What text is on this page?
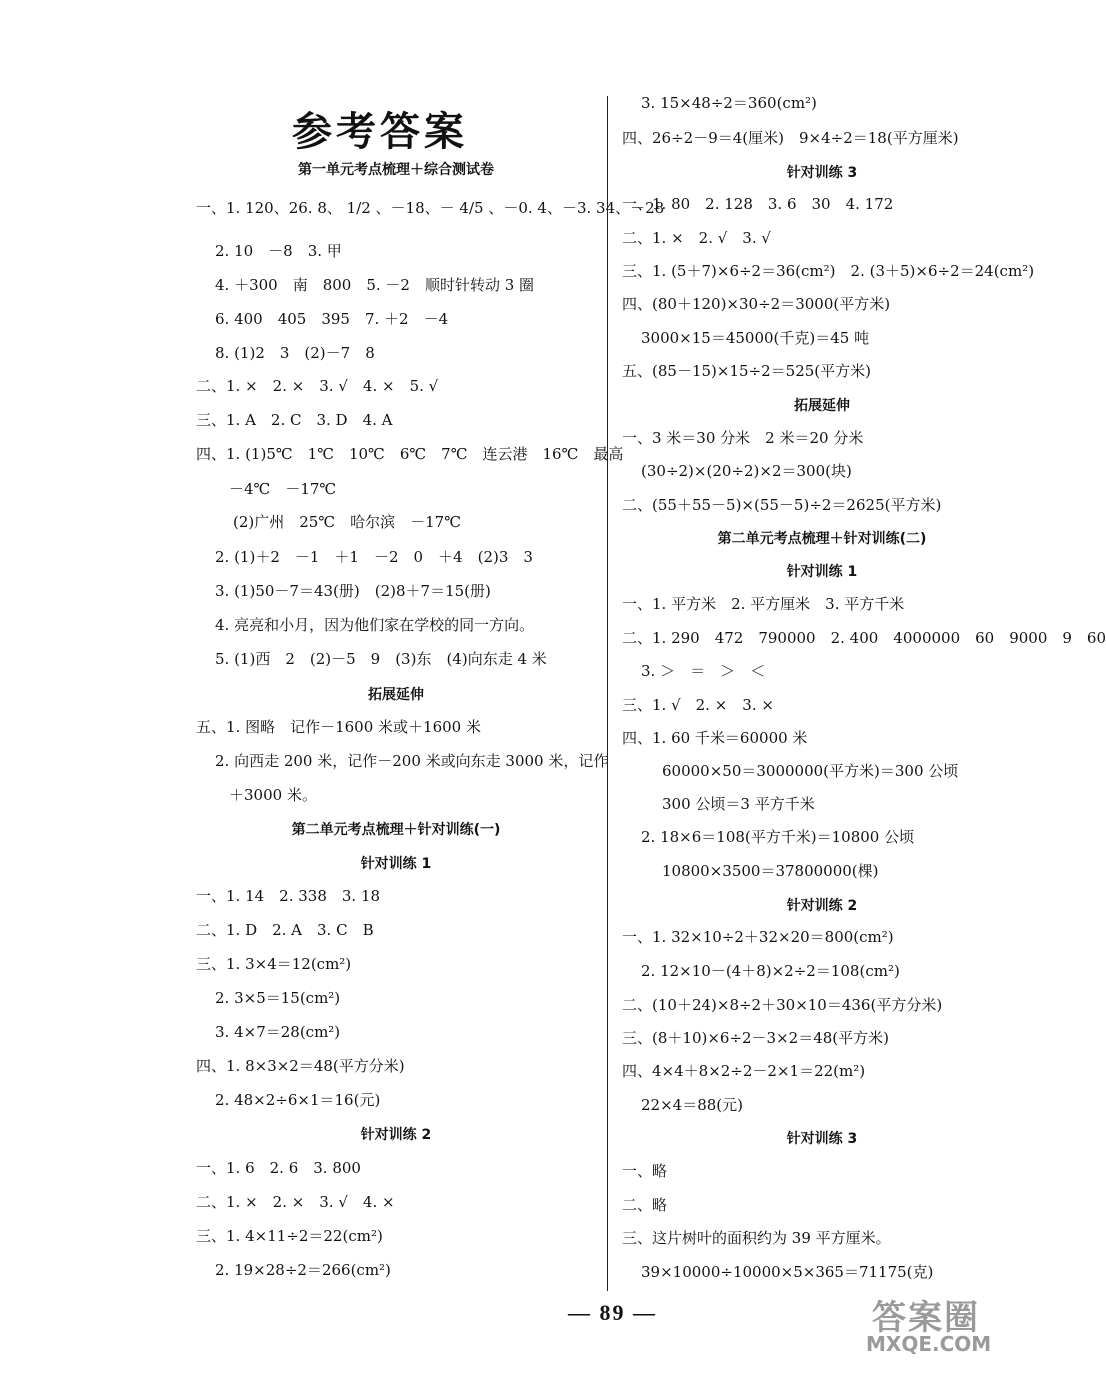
参考答案
第一单元考点梳理＋综合测试卷
一、1. 120、26. 8、 1/2 、－18、－ 4/5 、－0. 4、－3. 34、－28
2. 10　－8　3. 甲
4. ＋300　南　800　5. －2　顺时针转动 3 圈
6. 400　405　395　7. ＋2　－4
8. (1)2　3　(2)－7　8
二、1. ×　2. ×　3. √　4. ×　5. √
三、1. A　2. C　3. D　4. A
四、1. (1)5℃　1℃　10℃　6℃　7℃　连云港　16℃　最高
－4℃　－17℃
(2)广州　25℃　哈尔滨　－17℃
2. (1)＋2　－1　＋1　－2　0　＋4　(2)3　3
3. (1)50－7＝43(册)　(2)8＋7＝15(册)
4. 亮亮和小月，因为他们家在学校的同一方向。
5. (1)西　2　(2)－5　9　(3)东　(4)向东走 4 米
拓展延伸
五、1. 图略　记作－1600 米或＋1600 米
2. 向西走 200 米，记作－200 米或向东走 3000 米，记作
＋3000 米。
第二单元考点梳理＋针对训练(一)
针对训练 1
一、1. 14　2. 338　3. 18
二、1. D　2. A　3. C　B
三、1. 3×4＝12(cm²)
2. 3×5＝15(cm²)
3. 4×7＝28(cm²)
四、1. 8×3×2＝48(平方分米)
2. 48×2÷6×1＝16(元)
针对训练 2
一、1. 6　2. 6　3. 800
二、1. ×　2. ×　3. √　4. ×
三、1. 4×11÷2＝22(cm²)
2. 19×28÷2＝266(cm²)
3. 15×48÷2＝360(cm²)
四、26÷2－9＝4(厘米)　9×4÷2＝18(平方厘米)
针对训练 3
一、1. 80　2. 128　3. 6　30　4. 172
二、1. ×　2. √　3. √
三、1. (5＋7)×6÷2＝36(cm²)　2. (3＋5)×6÷2＝24(cm²)
四、(80＋120)×30÷2＝3000(平方米)
3000×15＝45000(千克)＝45 吨
五、(85－15)×15÷2＝525(平方米)
拓展延伸
一、3 米＝30 分米　2 米＝20 分米
(30÷2)×(20÷2)×2＝300(块)
二、(55＋55－5)×(55－5)÷2＝2625(平方米)
第二单元考点梳理＋针对训练(二)
针对训练 1
一、1. 平方米　2. 平方厘米　3. 平方千米
二、1. 290　472　790000　2. 400　4000000　60　9000　9　60
3. ＞　＝　＞　＜
三、1. √　2. ×　3. ×
四、1. 60 千米＝60000 米
60000×50＝3000000(平方米)＝300 公顷
300 公顷＝3 平方千米
2. 18×6＝108(平方千米)＝10800 公顷
10800×3500＝37800000(棵)
针对训练 2
一、1. 32×10÷2＋32×20＝800(cm²)
2. 12×10－(4＋8)×2÷2＝108(cm²)
二、(10＋24)×8÷2＋30×10＝436(平方分米)
三、(8＋10)×6÷2－3×2＝48(平方米)
四、4×4＋8×2÷2－2×1＝22(m²)
22×4＝88(元)
针对训练 3
一、略
二、略
三、这片树叶的面积约为 39 平方厘米。
39×10000÷10000×5×365＝71175(克)
— 89 —	答案圈
MXQE.COM
